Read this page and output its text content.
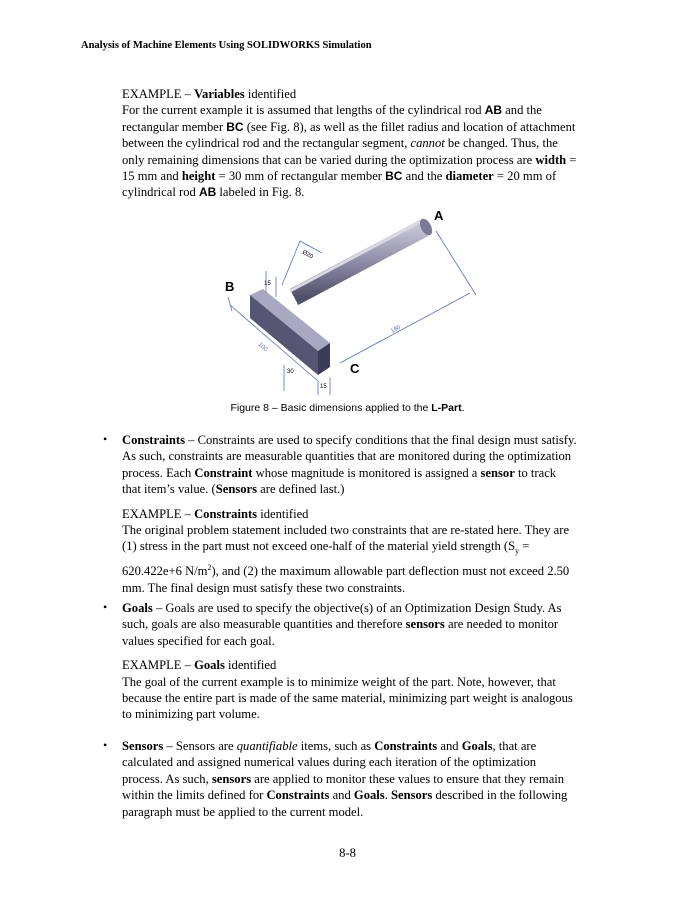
Analysis of Machine Elements Using SOLIDWORKS Simulation

EXAMPLE – Variables identified

For the current example it is assumed that lengths of the cylindrical rod AB and the rectangular member BC (see Fig. 8), as well as the fillet radius and location of attachment between the cylindrical rod and the rectangular segment, cannot be changed. Thus, the only remaining dimensions that can be varied during the optimization process are width = 15 mm and height = 30 mm of rectangular member BC and the diameter = 20 mm of cylindrical rod AB labeled in Fig. 8.

A
B
C
Ø20
15
100
30
15
180
Figure 8 – Basic dimensions applied to the L-Part.
• Constraints – Constraints are used to specify conditions that the final design must satisfy. As such, constraints are measurable quantities that are monitored during the optimization process. Each Constraint whose magnitude is monitored is assigned a sensor to track that item’s value. (Sensors are defined last.)

EXAMPLE – Constraints identified

The original problem statement included two constraints that are re-stated here. They are (1) stress in the part must not exceed one-half of the material yield strength ($S_y = 620.422e+6$ $N/m^2$), and (2) the maximum allowable part deflection must not exceed 2.50 mm. The final design must satisfy these two constraints.

• Goals – Goals are used to specify the objective(s) of an Optimization Design Study. As such, goals are also measurable quantities and therefore sensors are needed to monitor values specified for each goal.

EXAMPLE – Goals identified

The goal of the current example is to minimize weight of the part. Note, however, that because the entire part is made of the same material, minimizing part weight is analogous to minimizing part volume.

• Sensors – Sensors are quantifiable items, such as Constraints and Goals, that are calculated and assigned numerical values during each iteration of the optimization process. As such, sensors are applied to monitor these values to ensure that they remain within the limits defined for Constraints and Goals. Sensors described in the following paragraph must be applied to the current model.

8-8
